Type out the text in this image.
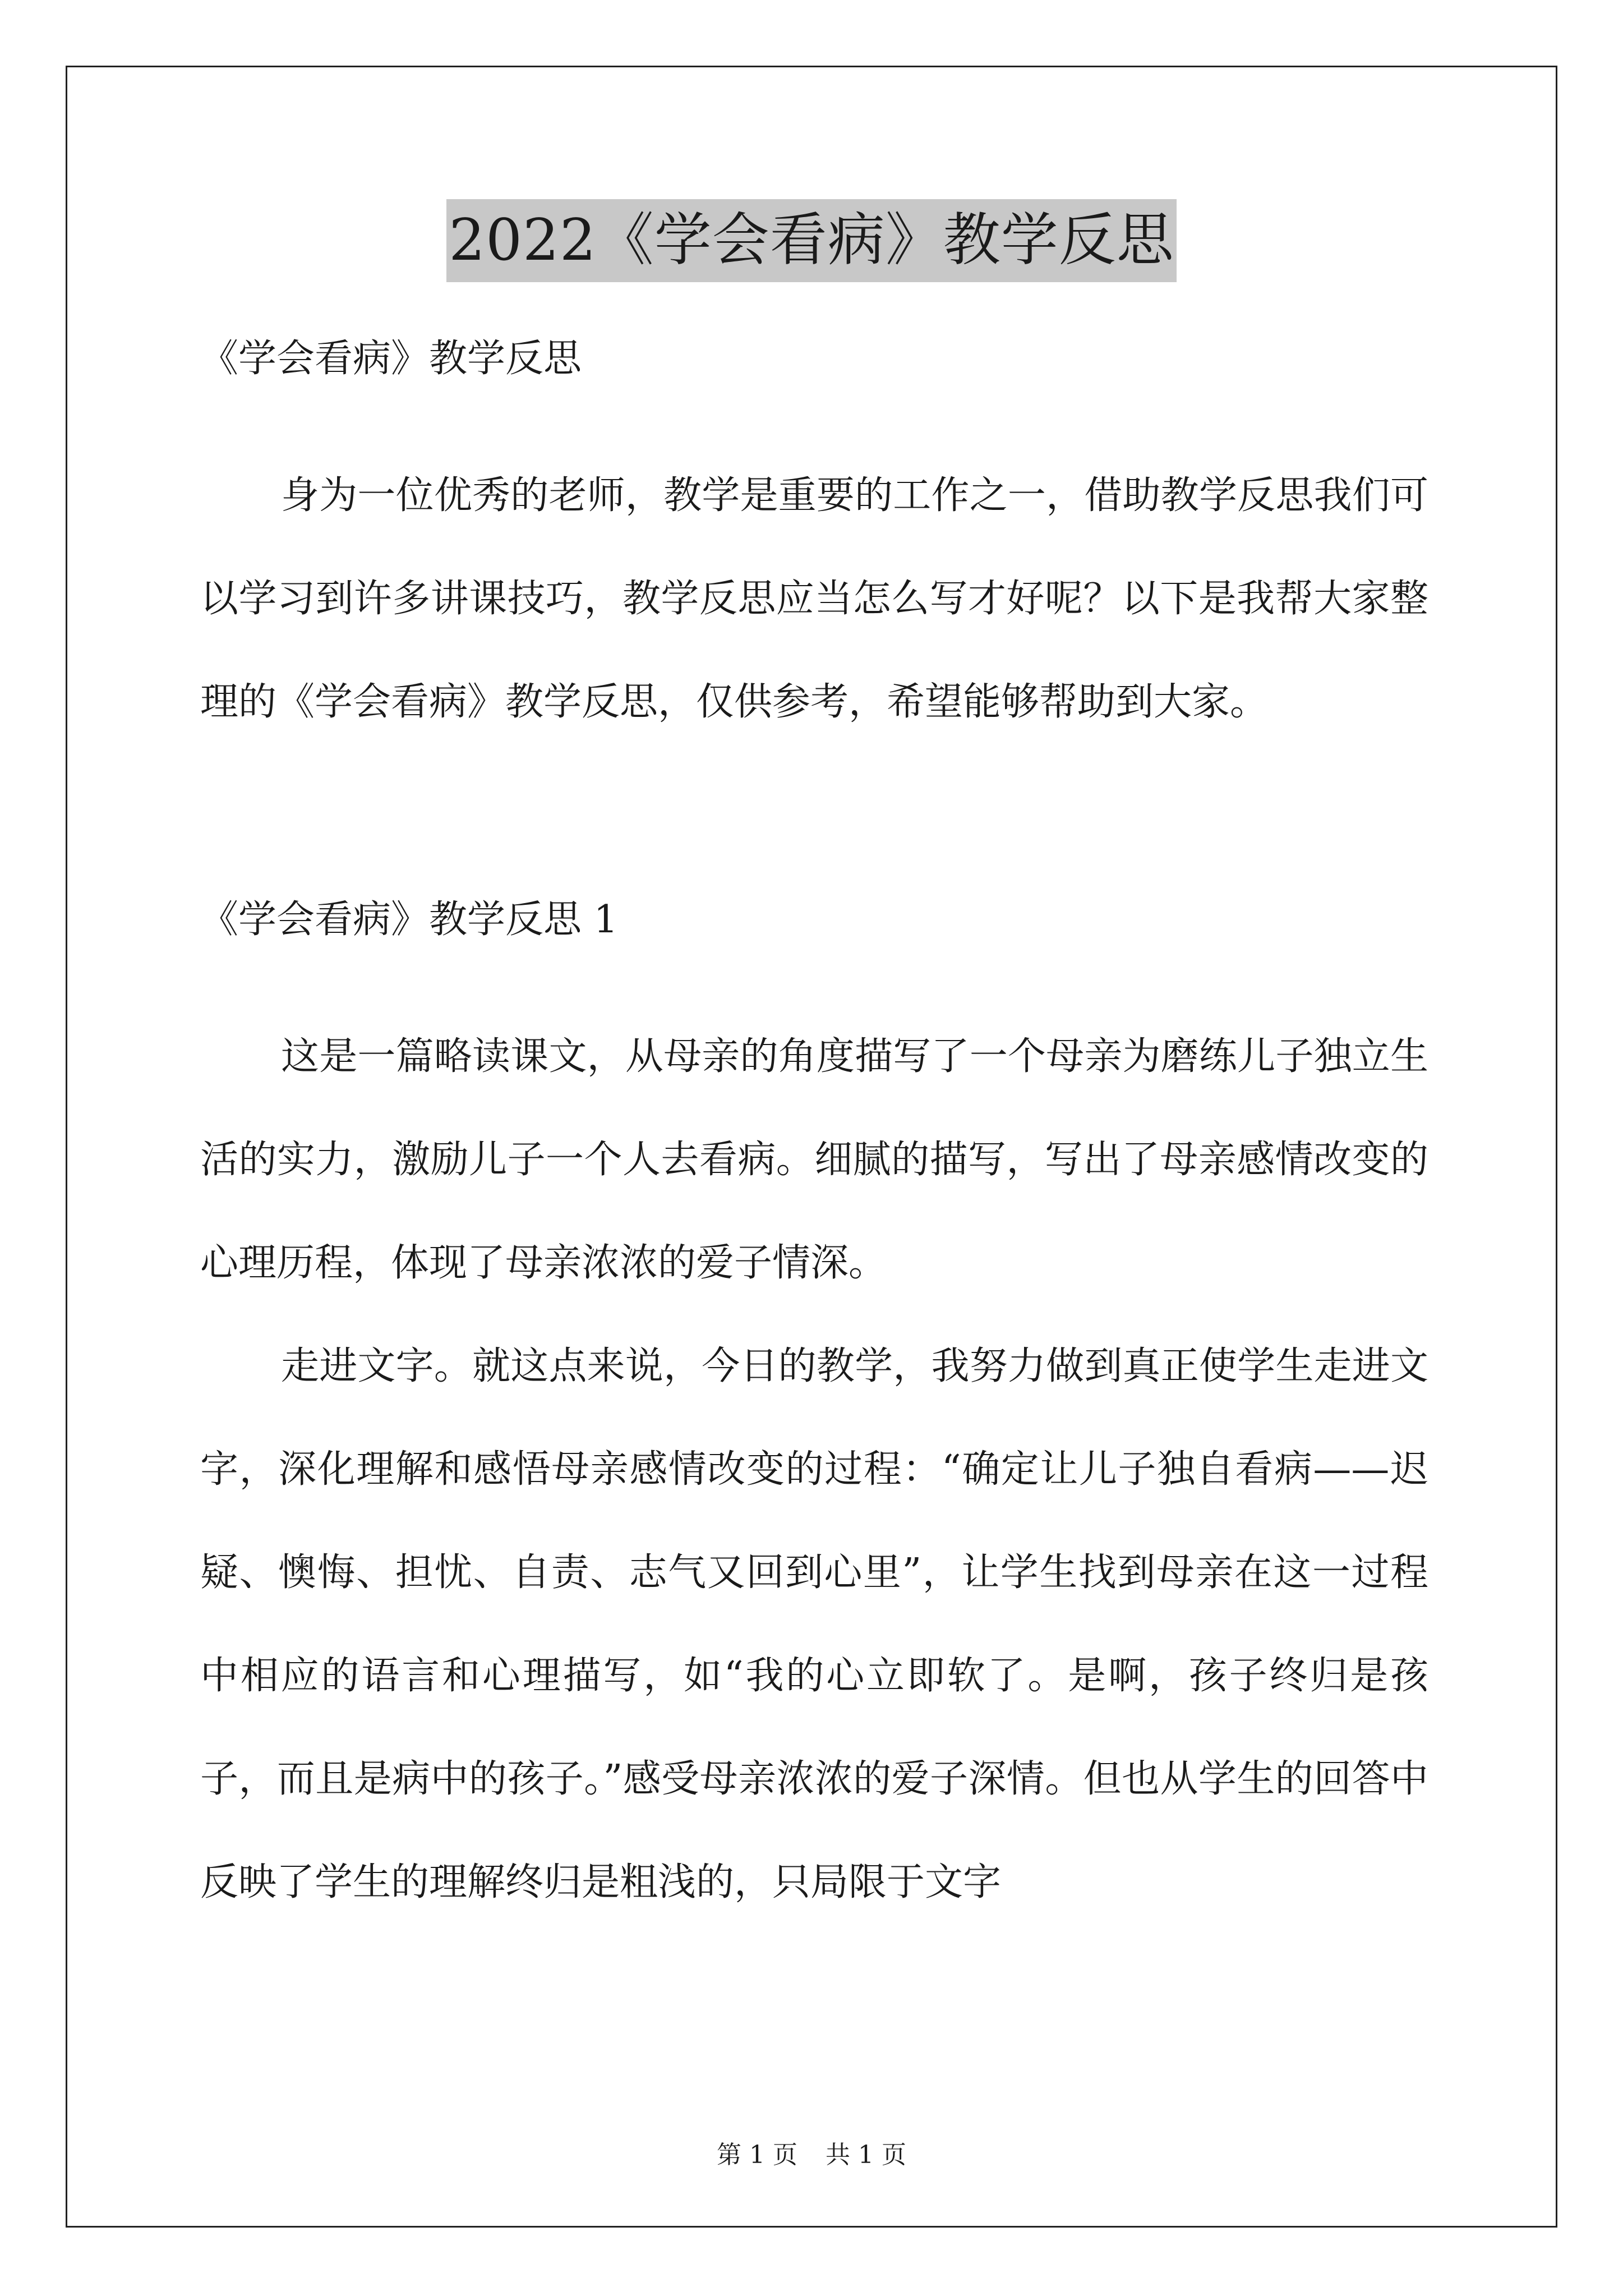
2022《学会看病》教学反思

《学会看病》教学反思

身为一位优秀的老师，教学是重要的工作之一，借助教学反思我们可以学习到许多讲课技巧，教学反思应当怎么写才好呢？以下是我帮大家整理的《学会看病》教学反思，仅供参考，希望能够帮助到大家。

《学会看病》教学反思 1

这是一篇略读课文，从母亲的角度描写了一个母亲为磨练儿子独立生活的实力，激励儿子一个人去看病。细腻的描写，写出了母亲感情改变的心理历程，体现了母亲浓浓的爱子情深。

走进文字。就这点来说，今日的教学，我努力做到真正使学生走进文字，深化理解和感悟母亲感情改变的过程：“确定让儿子独自看病——迟疑、懊悔、担忧、自责、志气又回到心里”，让学生找到母亲在这一过程中相应的语言和心理描写，如“我的心立即软了。是啊，孩子终归是孩子，而且是病中的孩子。”感受母亲浓浓的爱子深情。但也从学生的回答中反映了学生的理解终归是粗浅的，只局限于文字

第 1 页 共 1 页
